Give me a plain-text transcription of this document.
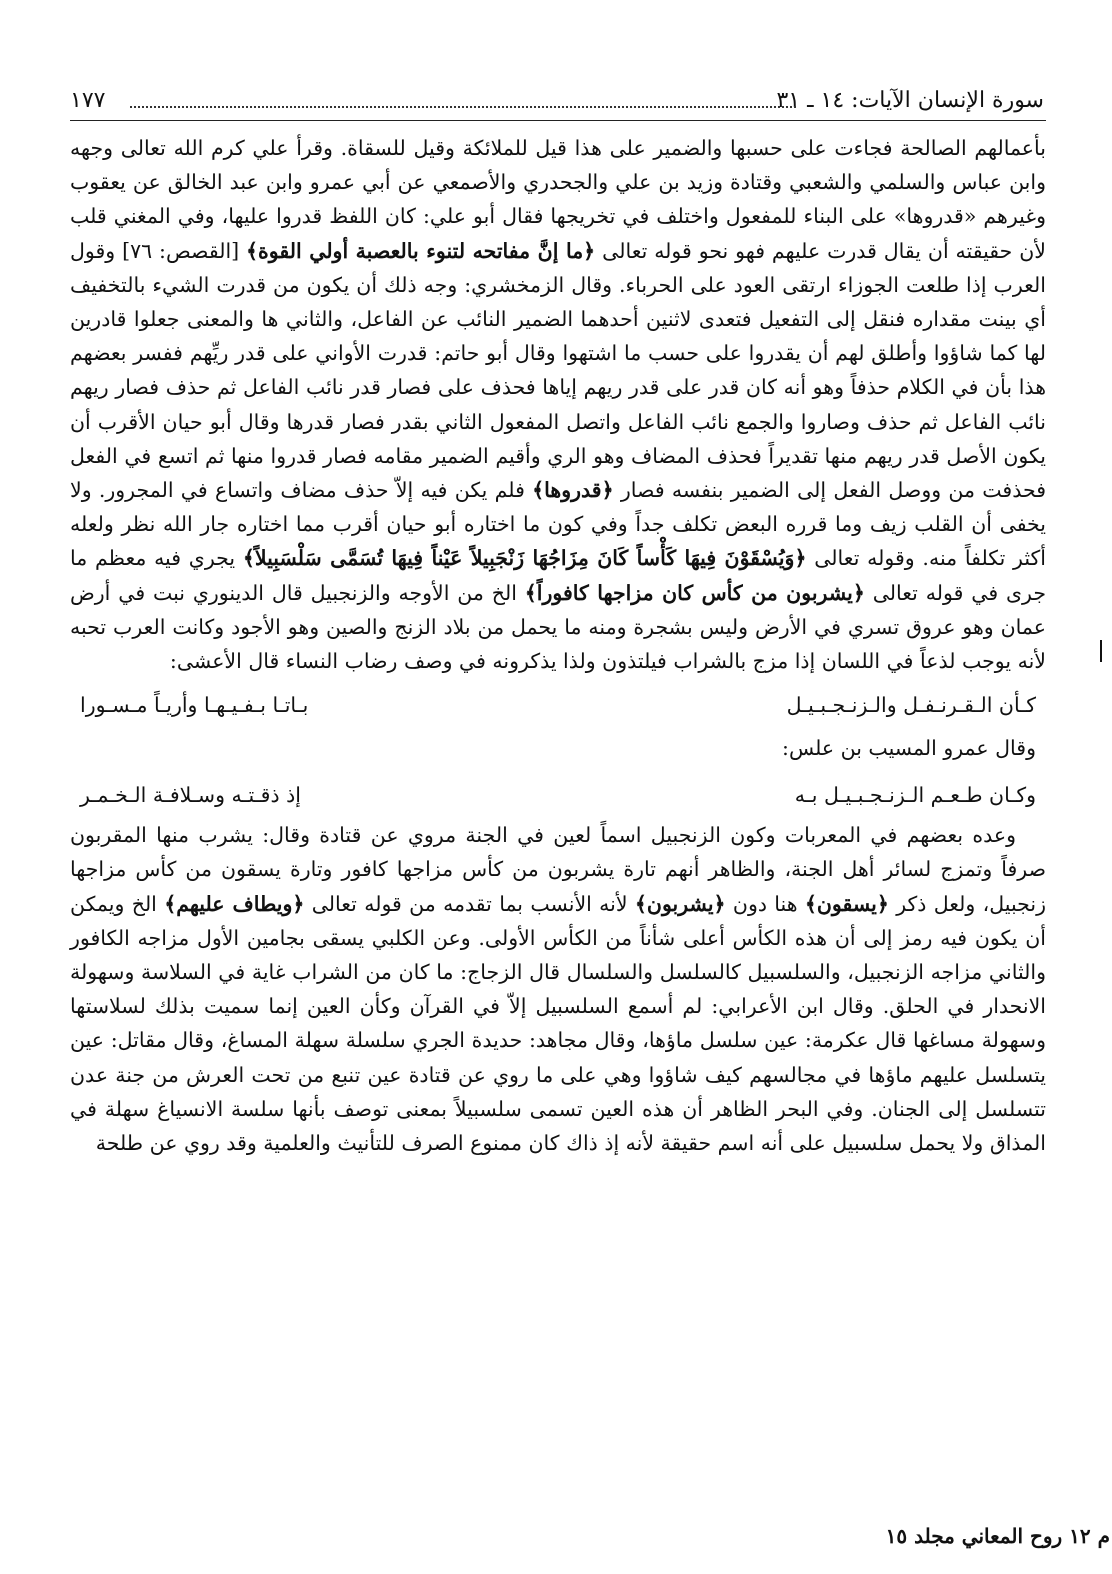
سورة الإنسان الآيات: ١٤ ـ ٣١
١٧٧

بأعمالهم الصالحة فجاءت على حسبها والضمير على هذا قيل للملائكة وقيل للسقاة. وقرأ علي كرم الله تعالى وجهه وابن عباس والسلمي والشعبي وقتادة وزيد بن علي والجحدري والأصمعي عن أبي عمرو وابن عبد الخالق عن يعقوب وغيرهم «قدروها» على البناء للمفعول واختلف في تخريجها فقال أبو علي: كان اللفظ قدروا عليها، وفي المغني قلب لأن حقيقته أن يقال قدرت عليهم فهو نحو قوله تعالى ﴿ما إنَّ مفاتحه لتنوء بالعصبة أولي القوة﴾ [القصص: ٧٦] وقول العرب إذا طلعت الجوزاء ارتقى العود على الحرباء. وقال الزمخشري: وجه ذلك أن يكون من قدرت الشيء بالتخفيف أي بينت مقداره فنقل إلى التفعيل فتعدى لاثنين أحدهما الضمير النائب عن الفاعل، والثاني ها والمعنى جعلوا قادرين لها كما شاؤوا وأطلق لهم أن يقدروا على حسب ما اشتهوا وقال أبو حاتم: قدرت الأواني على قدر ريِّهم ففسر بعضهم هذا بأن في الكلام حذفاً وهو أنه كان قدر على قدر ريهم إياها فحذف على فصار قدر نائب الفاعل ثم حذف فصار ريهم نائب الفاعل ثم حذف وصاروا والجمع نائب الفاعل واتصل المفعول الثاني بقدر فصار قدرها وقال أبو حيان الأقرب أن يكون الأصل قدر ريهم منها تقديراً فحذف المضاف وهو الري وأقيم الضمير مقامه فصار قدروا منها ثم اتسع في الفعل فحذفت من ووصل الفعل إلى الضمير بنفسه فصار ﴿قدروها﴾ فلم يكن فيه إلاّ حذف مضاف واتساع في المجرور. ولا يخفى أن القلب زيف وما قرره البعض تكلف جداً وفي كون ما اختاره أبو حيان أقرب مما اختاره جار الله نظر ولعله أكثر تكلفاً منه. وقوله تعالى ﴿وَيُسْقَوْنَ فِيهَا كَأْساً كَانَ مِزَاجُهَا زَنْجَبِيلاً عَيْناً فِيهَا تُسَمَّى سَلْسَبِيلاً﴾ يجري فيه معظم ما جرى في قوله تعالى ﴿يشربون من كأس كان مزاجها كافوراً﴾ الخ من الأوجه والزنجبيل قال الدينوري نبت في أرض عمان وهو عروق تسري في الأرض وليس بشجرة ومنه ما يحمل من بلاد الزنج والصين وهو الأجود وكانت العرب تحبه لأنه يوجب لذعاً في اللسان إذا مزج بالشراب فيلتذون ولذا يذكرونه في وصف رضاب النساء قال الأعشى:

كـأن الـقـرنـفـل والـزنـجـبـيـل
بـاتـا بـفـيـهـا وأريـاً مـسـورا
وقال عمرو المسيب بن علس:
وكـان طـعـم الـزنـجـبـيـل بـه
إذ ذقـتـه وسـلافـة الـخـمـر

وعده بعضهم في المعربات وكون الزنجبيل اسماً لعين في الجنة مروي عن قتادة وقال: يشرب منها المقربون صرفاً وتمزج لسائر أهل الجنة، والظاهر أنهم تارة يشربون من كأس مزاجها كافور وتارة يسقون من كأس مزاجها زنجبيل، ولعل ذكر ﴿يسقون﴾ هنا دون ﴿يشربون﴾ لأنه الأنسب بما تقدمه من قوله تعالى ﴿ويطاف عليهم﴾ الخ ويمكن أن يكون فيه رمز إلى أن هذه الكأس أعلى شأناً من الكأس الأولى. وعن الكلبي يسقى بجامين الأول مزاجه الكافور والثاني مزاجه الزنجبيل، والسلسبيل كالسلسل والسلسال قال الزجاج: ما كان من الشراب غاية في السلاسة وسهولة الانحدار في الحلق. وقال ابن الأعرابي: لم أسمع السلسبيل إلاّ في القرآن وكأن العين إنما سميت بذلك لسلاستها وسهولة مساغها قال عكرمة: عين سلسل ماؤها، وقال مجاهد: حديدة الجري سلسلة سهلة المساغ، وقال مقاتل: عين يتسلسل عليهم ماؤها في مجالسهم كيف شاؤوا وهي على ما روي عن قتادة عين تنبع من تحت العرش من جنة عدن تتسلسل إلى الجنان. وفي البحر الظاهر أن هذه العين تسمى سلسبيلاً بمعنى توصف بأنها سلسة الانسياغ سهلة في المذاق ولا يحمل سلسبيل على أنه اسم حقيقة لأنه إذ ذاك كان ممنوع الصرف للتأنيث والعلمية وقد روي عن طلحة

م ١٢ روح المعاني مجلد ١٥
